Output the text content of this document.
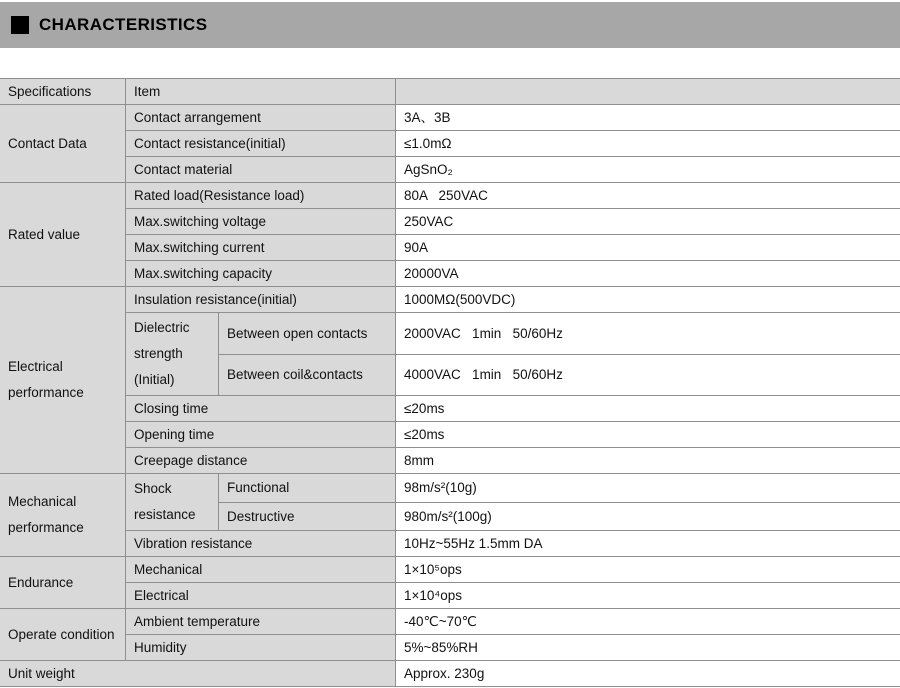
CHARACTERISTICS
Specifications	Item		
Contact Data	Contact arrangement		3A、3B
	Contact resistance(initial)		≤1.0mΩ
	Contact material		AgSnO₂
Rated value	Rated load(Resistance load)		80A   250VAC
	Max.switching voltage		250VAC
	Max.switching current		90A
	Max.switching capacity		20000VA
Electrical performance	Insulation resistance(initial)		1000MΩ(500VDC)
	Dielectric strength (Initial)	Between open contacts	2000VAC   1min   50/60Hz
		Between coil&contacts	4000VAC   1min   50/60Hz
	Closing time		≤20ms
	Opening time		≤20ms
	Creepage distance		8mm
Mechanical performance	Shock resistance	Functional	98m/s²(10g)
		Destructive	980m/s²(100g)
	Vibration resistance		10Hz~55Hz 1.5mm DA
Endurance	Mechanical		1×10⁵ops
	Electrical		1×10⁴ops
Operate condition	Ambient temperature		-40℃~70℃
	Humidity		5%~85%RH
Unit weight			Approx. 230g
